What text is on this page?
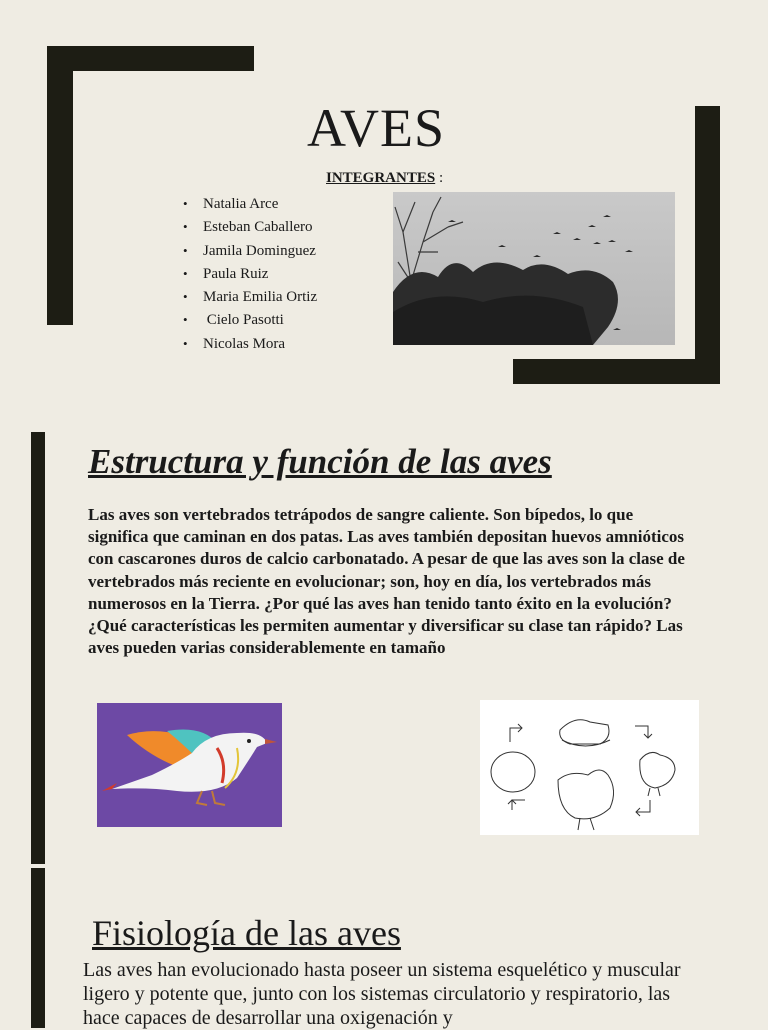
AVES
INTEGRANTES :
• Natalia Arce
• Esteban Caballero
• Jamila Dominguez
• Paula Ruiz
• Maria Emilia Ortiz
• Cielo Pasotti
• Nicolas Mora
Estructura y función de las aves
Las aves son vertebrados tetrápodos de sangre caliente. Son bípedos, lo que significa que caminan en dos patas. Las aves también depositan huevos amnióticos con cascarones duros de calcio carbonatado. A pesar de que las aves son la clase de vertebrados más reciente en evolucionar; son, hoy en día, los vertebrados más numerosos en la Tierra. ¿Por qué las aves han tenido tanto éxito en la evolución? ¿Qué características les permiten aumentar y diversificar su clase tan rápido? Las aves pueden varias considerablemente en tamaño
Fisiología de las aves
Las aves han evolucionado hasta poseer un sistema esquelético y muscular ligero y potente que, junto con los sistemas circulatorio y respiratorio, las hace capaces de desarrollar una oxigenación y
